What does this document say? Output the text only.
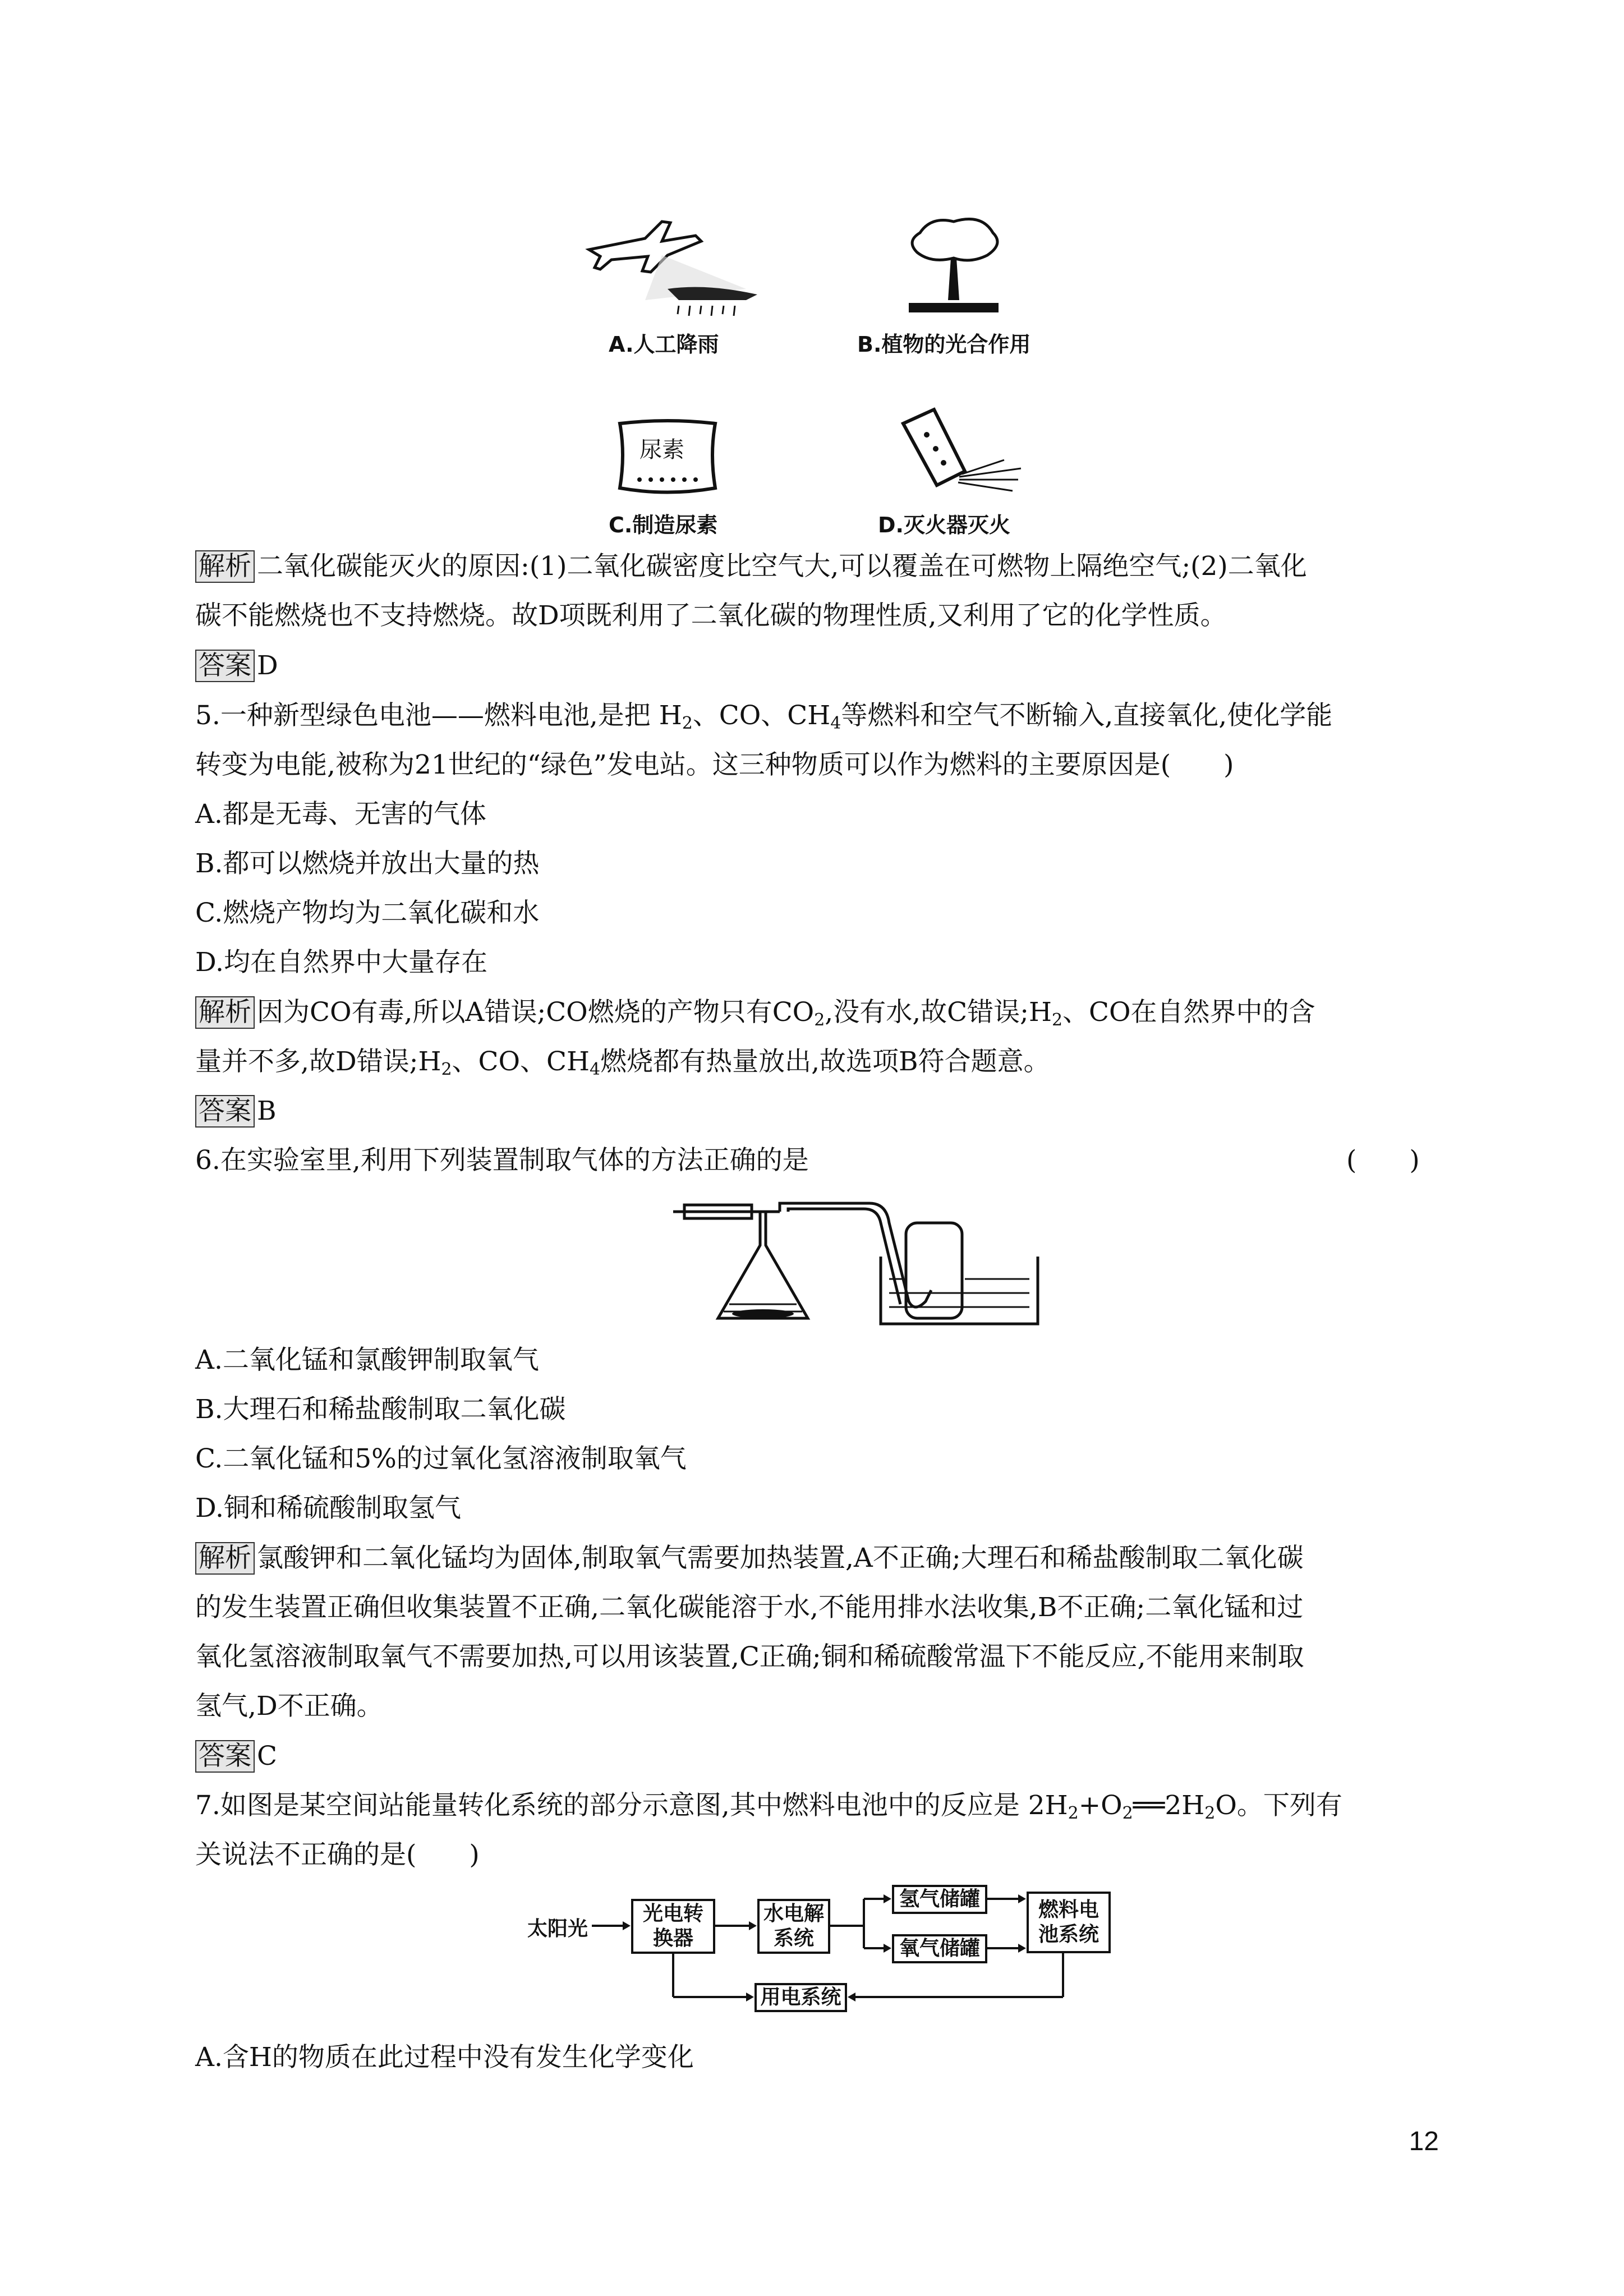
A.人工降雨	B.植物的光合作用
尿素
C.制造尿素	D.灭火器灭火
解析 二氧化碳能灭火的原因:(1)二氧化碳密度比空气大,可以覆盖在可燃物上隔绝空气;(2)二氧化
碳不能燃烧也不支持燃烧。故D项既利用了二氧化碳的物理性质,又利用了它的化学性质。
答案 D
5.一种新型绿色电池——燃料电池,是把 $H_2$、CO、$CH_4$等燃料和空气不断输入,直接氧化,使化学能
转变为电能,被称为21世纪的“绿色”发电站。这三种物质可以作为燃料的主要原因是(　　)
A.都是无毒、无害的气体
B.都可以燃烧并放出大量的热
C.燃烧产物均为二氧化碳和水
D.均在自然界中大量存在
解析 因为CO有毒,所以A错误;CO燃烧的产物只有$CO_2$,没有水,故C错误$;H_2$、CO在自然界中的含
量并不多,故D错误$;H_2$、CO、$CH_4$燃烧都有热量放出,故选项B符合题意。
答案 B
6.在实验室里,利用下列装置制取气体的方法正确的是	(　　)
A.二氧化锰和氯酸钾制取氧气
B.大理石和稀盐酸制取二氧化碳
C.二氧化锰和5%的过氧化氢溶液制取氧气
D.铜和稀硫酸制取氢气
解析 氯酸钾和二氧化锰均为固体,制取氧气需要加热装置,A不正确;大理石和稀盐酸制取二氧化碳
的发生装置正确但收集装置不正确,二氧化碳能溶于水,不能用排水法收集,B不正确;二氧化锰和过
氧化氢溶液制取氧气不需要加热,可以用该装置,C正确;铜和稀硫酸常温下不能反应,不能用来制取
氢气,D不正确。
答案 C
7.如图是某空间站能量转化系统的部分示意图,其中燃料电池中的反应是 $2H_2+O_2══2H_2O$。下列有
关说法不正确的是(　　)
太阳光
光电转换器
水电解系统
氢气储罐
氧气储罐
燃料电池系统
用电系统
A.含H的物质在此过程中没有发生化学变化
12
